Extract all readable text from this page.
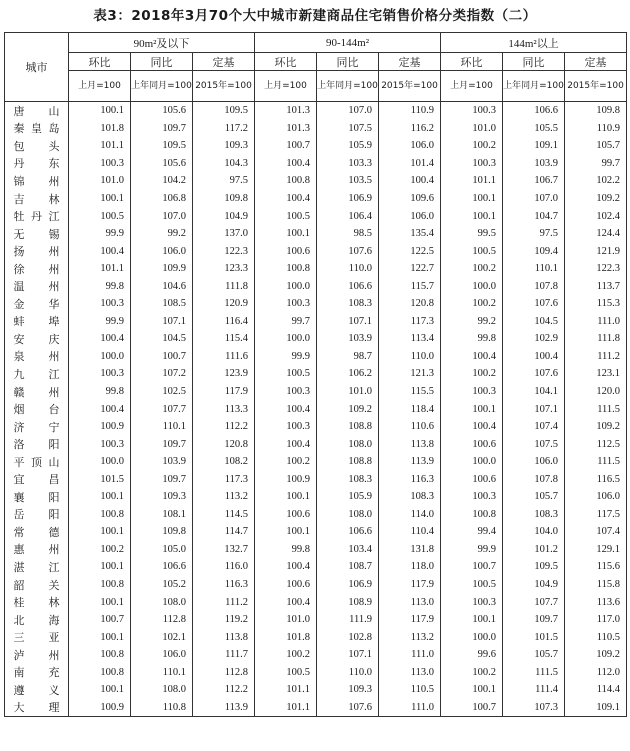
表3：2018年3月70个大中城市新建商品住宅销售价格分类指数（二）
城市	90m²及以下			90-144m²			144m²以上		
	环比	同比	定基	环比	同比	定基	环比	同比	定基
	上月=100	上年同月=100	2015年=100	上月=100	上年同月=100	2015年=100	上月=100	上年同月=100	2015年=100
唐山	100.1	105.6	109.5	101.3	107.0	110.9	100.3	106.6	109.8
秦皇岛	101.8	109.7	117.2	101.3	107.5	116.2	101.0	105.5	110.9
包头	101.1	109.5	109.3	100.7	105.9	106.0	100.2	109.1	105.7
丹东	100.3	105.6	104.3	100.4	103.3	101.4	100.3	103.9	99.7
锦州	101.0	104.2	97.5	100.8	103.5	100.4	101.1	106.7	102.2
吉林	100.1	106.8	109.8	100.4	106.9	109.6	100.1	107.0	109.2
牡丹江	100.5	107.0	104.9	100.5	106.4	106.0	100.1	104.7	102.4
无锡	99.9	99.2	137.0	100.1	98.5	135.4	99.5	97.5	124.4
扬州	100.4	106.0	122.3	100.6	107.6	122.5	100.5	109.4	121.9
徐州	101.1	109.9	123.3	100.8	110.0	122.7	100.2	110.1	122.3
温州	99.8	104.6	111.8	100.0	106.6	115.7	100.0	107.8	113.7
金华	100.3	108.5	120.9	100.3	108.3	120.8	100.2	107.6	115.3
蚌埠	99.9	107.1	116.4	99.7	107.1	117.3	99.2	104.5	111.0
安庆	100.4	104.5	115.4	100.0	103.9	113.4	99.8	102.9	111.8
泉州	100.0	100.7	111.6	99.9	98.7	110.0	100.4	100.4	111.2
九江	100.3	107.2	123.9	100.5	106.2	121.3	100.2	107.6	123.1
赣州	99.8	102.5	117.9	100.3	101.0	115.5	100.3	104.1	120.0
烟台	100.4	107.7	113.3	100.4	109.2	118.4	100.1	107.1	111.5
济宁	100.9	110.1	112.2	100.3	108.8	110.6	100.4	107.4	109.2
洛阳	100.3	109.7	120.8	100.4	108.0	113.8	100.6	107.5	112.5
平顶山	100.0	103.9	108.2	100.2	108.8	113.9	100.0	106.0	111.5
宜昌	101.5	109.7	117.3	100.9	108.3	116.3	100.6	107.8	116.5
襄阳	100.1	109.3	113.2	100.1	105.9	108.3	100.3	105.7	106.0
岳阳	100.8	108.1	114.5	100.6	108.0	114.0	100.8	108.3	117.5
常德	100.1	109.8	114.7	100.1	106.6	110.4	99.4	104.0	107.4
惠州	100.2	105.0	132.7	99.8	103.4	131.8	99.9	101.2	129.1
湛江	100.1	106.6	116.0	100.4	108.7	118.0	100.7	109.5	115.6
韶关	100.8	105.2	116.3	100.6	106.9	117.9	100.5	104.9	115.8
桂林	100.1	108.0	111.2	100.4	108.9	113.0	100.3	107.7	113.6
北海	100.7	112.8	119.2	101.0	111.9	117.9	100.1	109.7	117.0
三亚	100.1	102.1	113.8	101.8	102.8	113.2	100.0	101.5	110.5
泸州	100.8	106.0	111.7	100.2	107.1	111.0	99.6	105.7	109.2
南充	100.8	110.1	112.8	100.5	110.0	113.0	100.2	111.5	112.0
遵义	100.1	108.0	112.2	101.1	109.3	110.5	100.1	111.4	114.4
大理	100.9	110.8	113.9	101.1	107.6	111.0	100.7	107.3	109.1
